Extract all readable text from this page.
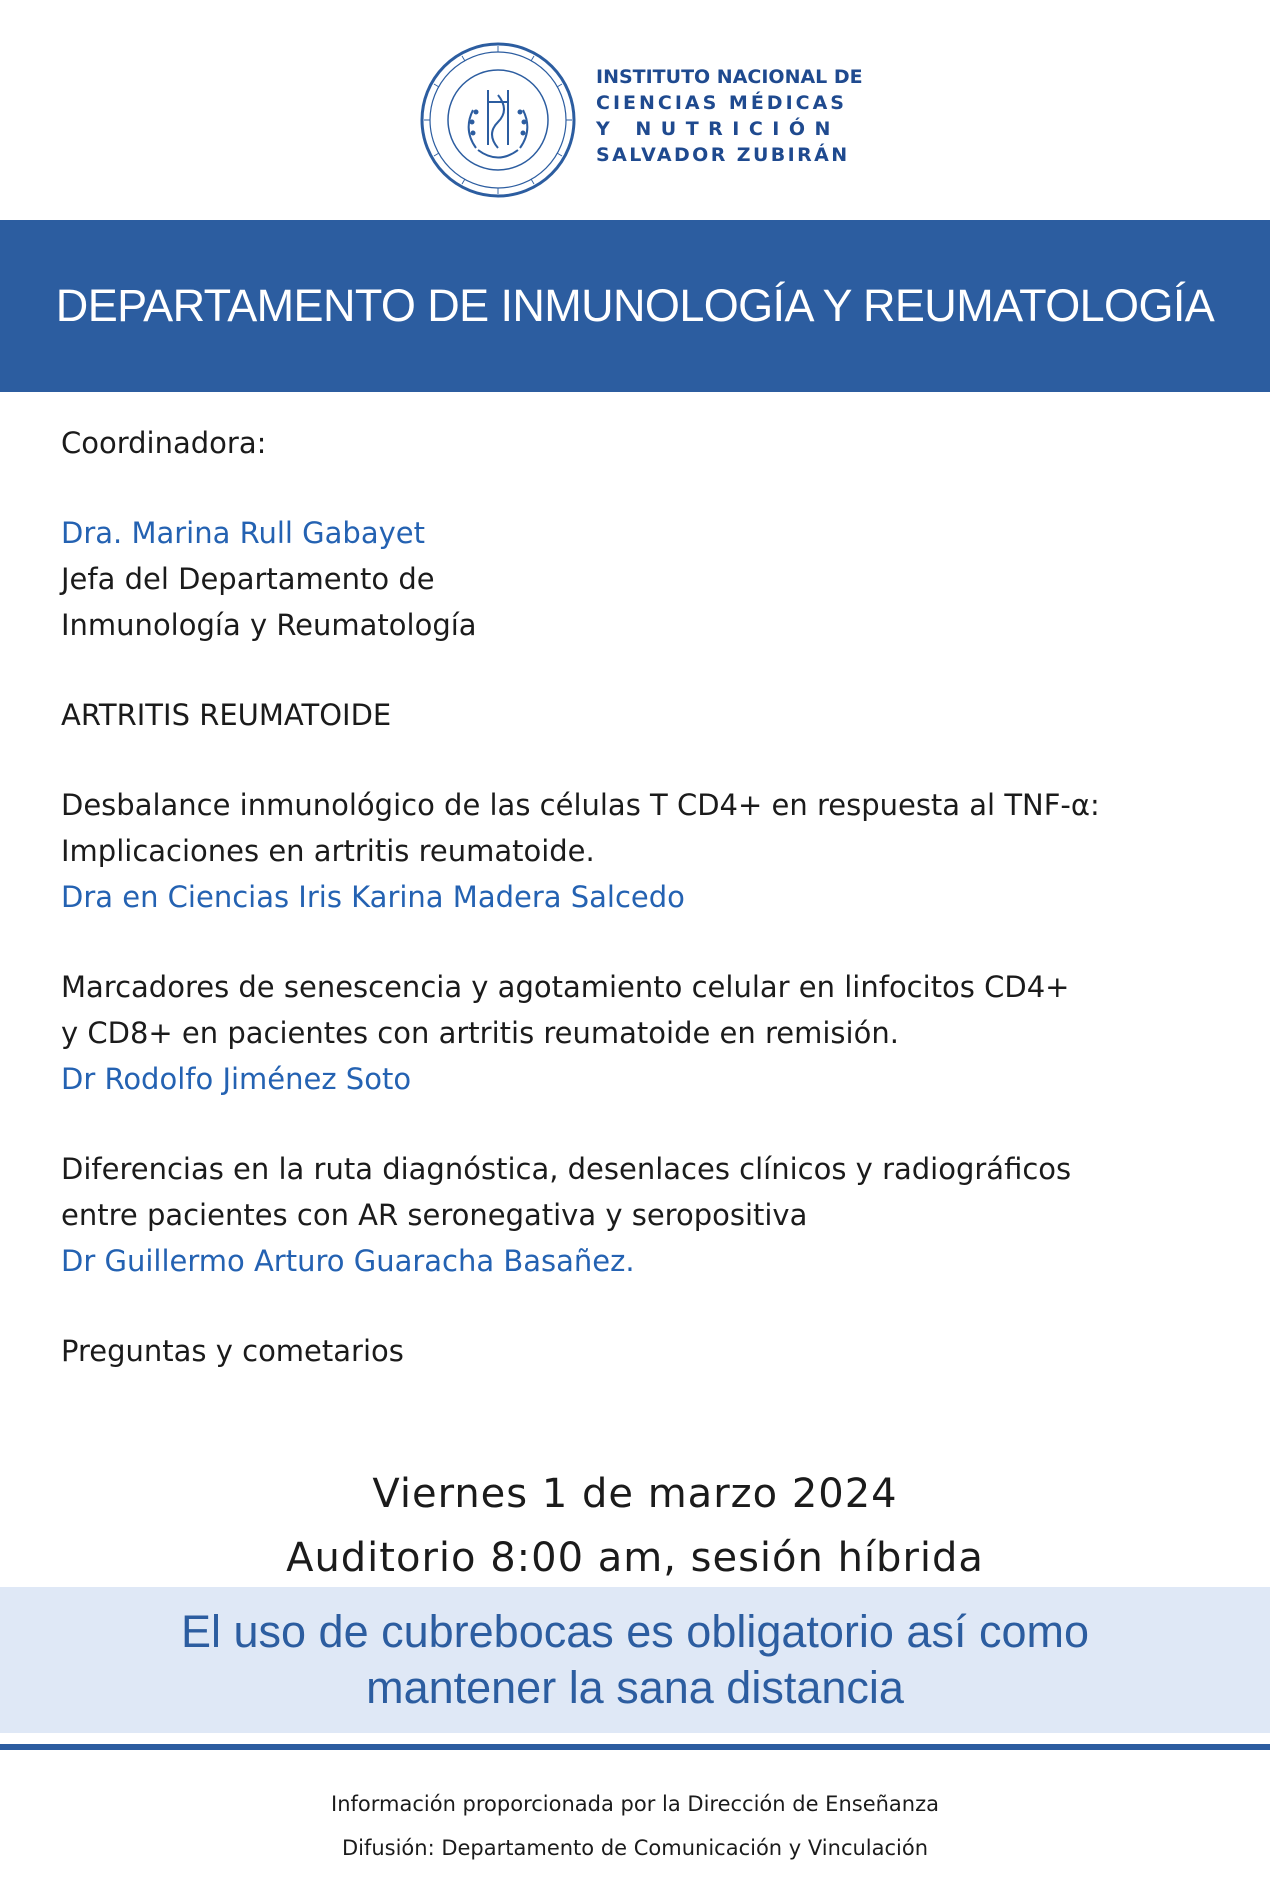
INSTITUTO NACIONAL DE
CIENCIAS MÉDICAS
Y NUTRICIÓN
SALVADOR ZUBIRÁN
DEPARTAMENTO DE INMUNOLOGÍA Y REUMATOLOGÍA

Coordinadora:

Dra. Marina Rull Gabayet

Jefa del Departamento de

Inmunología y Reumatología

ARTRITIS REUMATOIDE

Desbalance inmunológico de las células T CD4+ en respuesta al TNF-α:

Implicaciones en artritis reumatoide.

Dra en Ciencias Iris Karina Madera Salcedo

Marcadores de senescencia y agotamiento celular en linfocitos CD4+

y CD8+ en pacientes con artritis reumatoide en remisión.

Dr Rodolfo Jiménez Soto

Diferencias en la ruta diagnóstica, desenlaces clínicos y radiográficos

entre pacientes con AR seronegativa y seropositiva

Dr Guillermo Arturo Guaracha Basañez.

Preguntas y cometarios

Viernes 1 de marzo 2024
Auditorio 8:00 am, sesión híbrida
El uso de cubrebocas es obligatorio así como
mantener la sana distancia
Información proporcionada por la Dirección de Enseñanza
Difusión: Departamento de Comunicación y Vinculación
